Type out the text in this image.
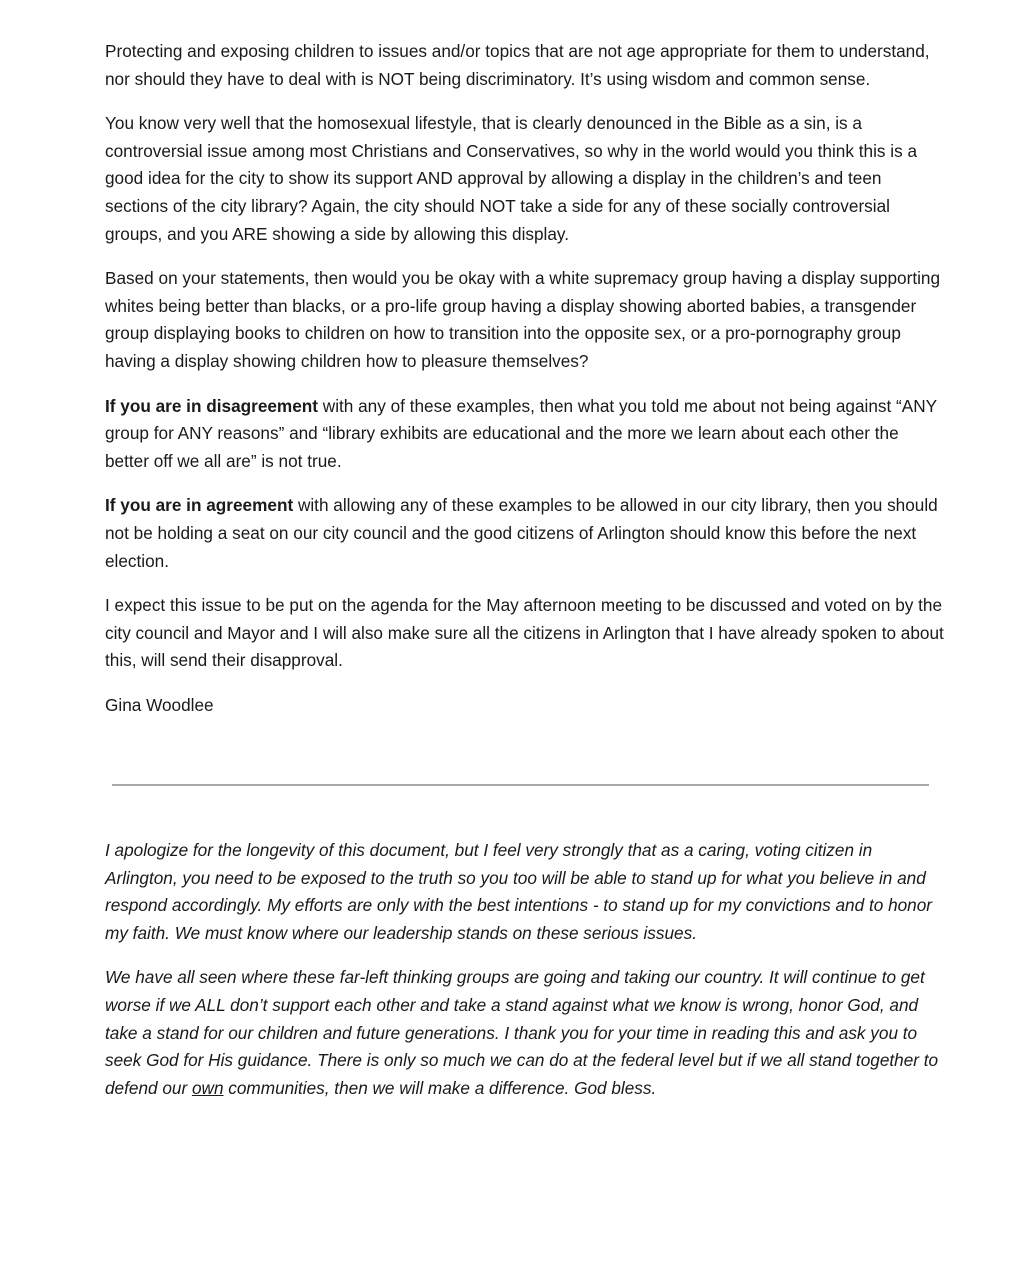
Protecting and exposing children to issues and/or topics that are not age appropriate for them to understand, nor should they have to deal with is NOT being discriminatory. It’s using wisdom and common sense.

You know very well that the homosexual lifestyle, that is clearly denounced in the Bible as a sin, is a controversial issue among most Christians and Conservatives, so why in the world would you think this is a good idea for the city to show its support AND approval by allowing a display in the children’s and teen sections of the city library? Again, the city should NOT take a side for any of these socially controversial groups, and you ARE showing a side by allowing this display.

Based on your statements, then would you be okay with a white supremacy group having a display supporting whites being better than blacks, or a pro-life group having a display showing aborted babies, a transgender group displaying books to children on how to transition into the opposite sex, or a pro-pornography group having a display showing children how to pleasure themselves?

If you are in disagreement with any of these examples, then what you told me about not being against “ANY group for ANY reasons” and “library exhibits are educational and the more we learn about each other the better off we all are” is not true.

If you are in agreement with allowing any of these examples to be allowed in our city library, then you should not be holding a seat on our city council and the good citizens of Arlington should know this before the next election.

I expect this issue to be put on the agenda for the May afternoon meeting to be discussed and voted on by the city council and Mayor and I will also make sure all the citizens in Arlington that I have already spoken to about this, will send their disapproval.

Gina Woodlee

I apologize for the longevity of this document, but I feel very strongly that as a caring, voting citizen in Arlington, you need to be exposed to the truth so you too will be able to stand up for what you believe in and respond accordingly. My efforts are only with the best intentions - to stand up for my convictions and to honor my faith. We must know where our leadership stands on these serious issues.

We have all seen where these far-left thinking groups are going and taking our country. It will continue to get worse if we ALL don’t support each other and take a stand against what we know is wrong, honor God, and take a stand for our children and future generations. I thank you for your time in reading this and ask you to seek God for His guidance. There is only so much we can do at the federal level but if we all stand together to defend our own communities, then we will make a difference. God bless.
